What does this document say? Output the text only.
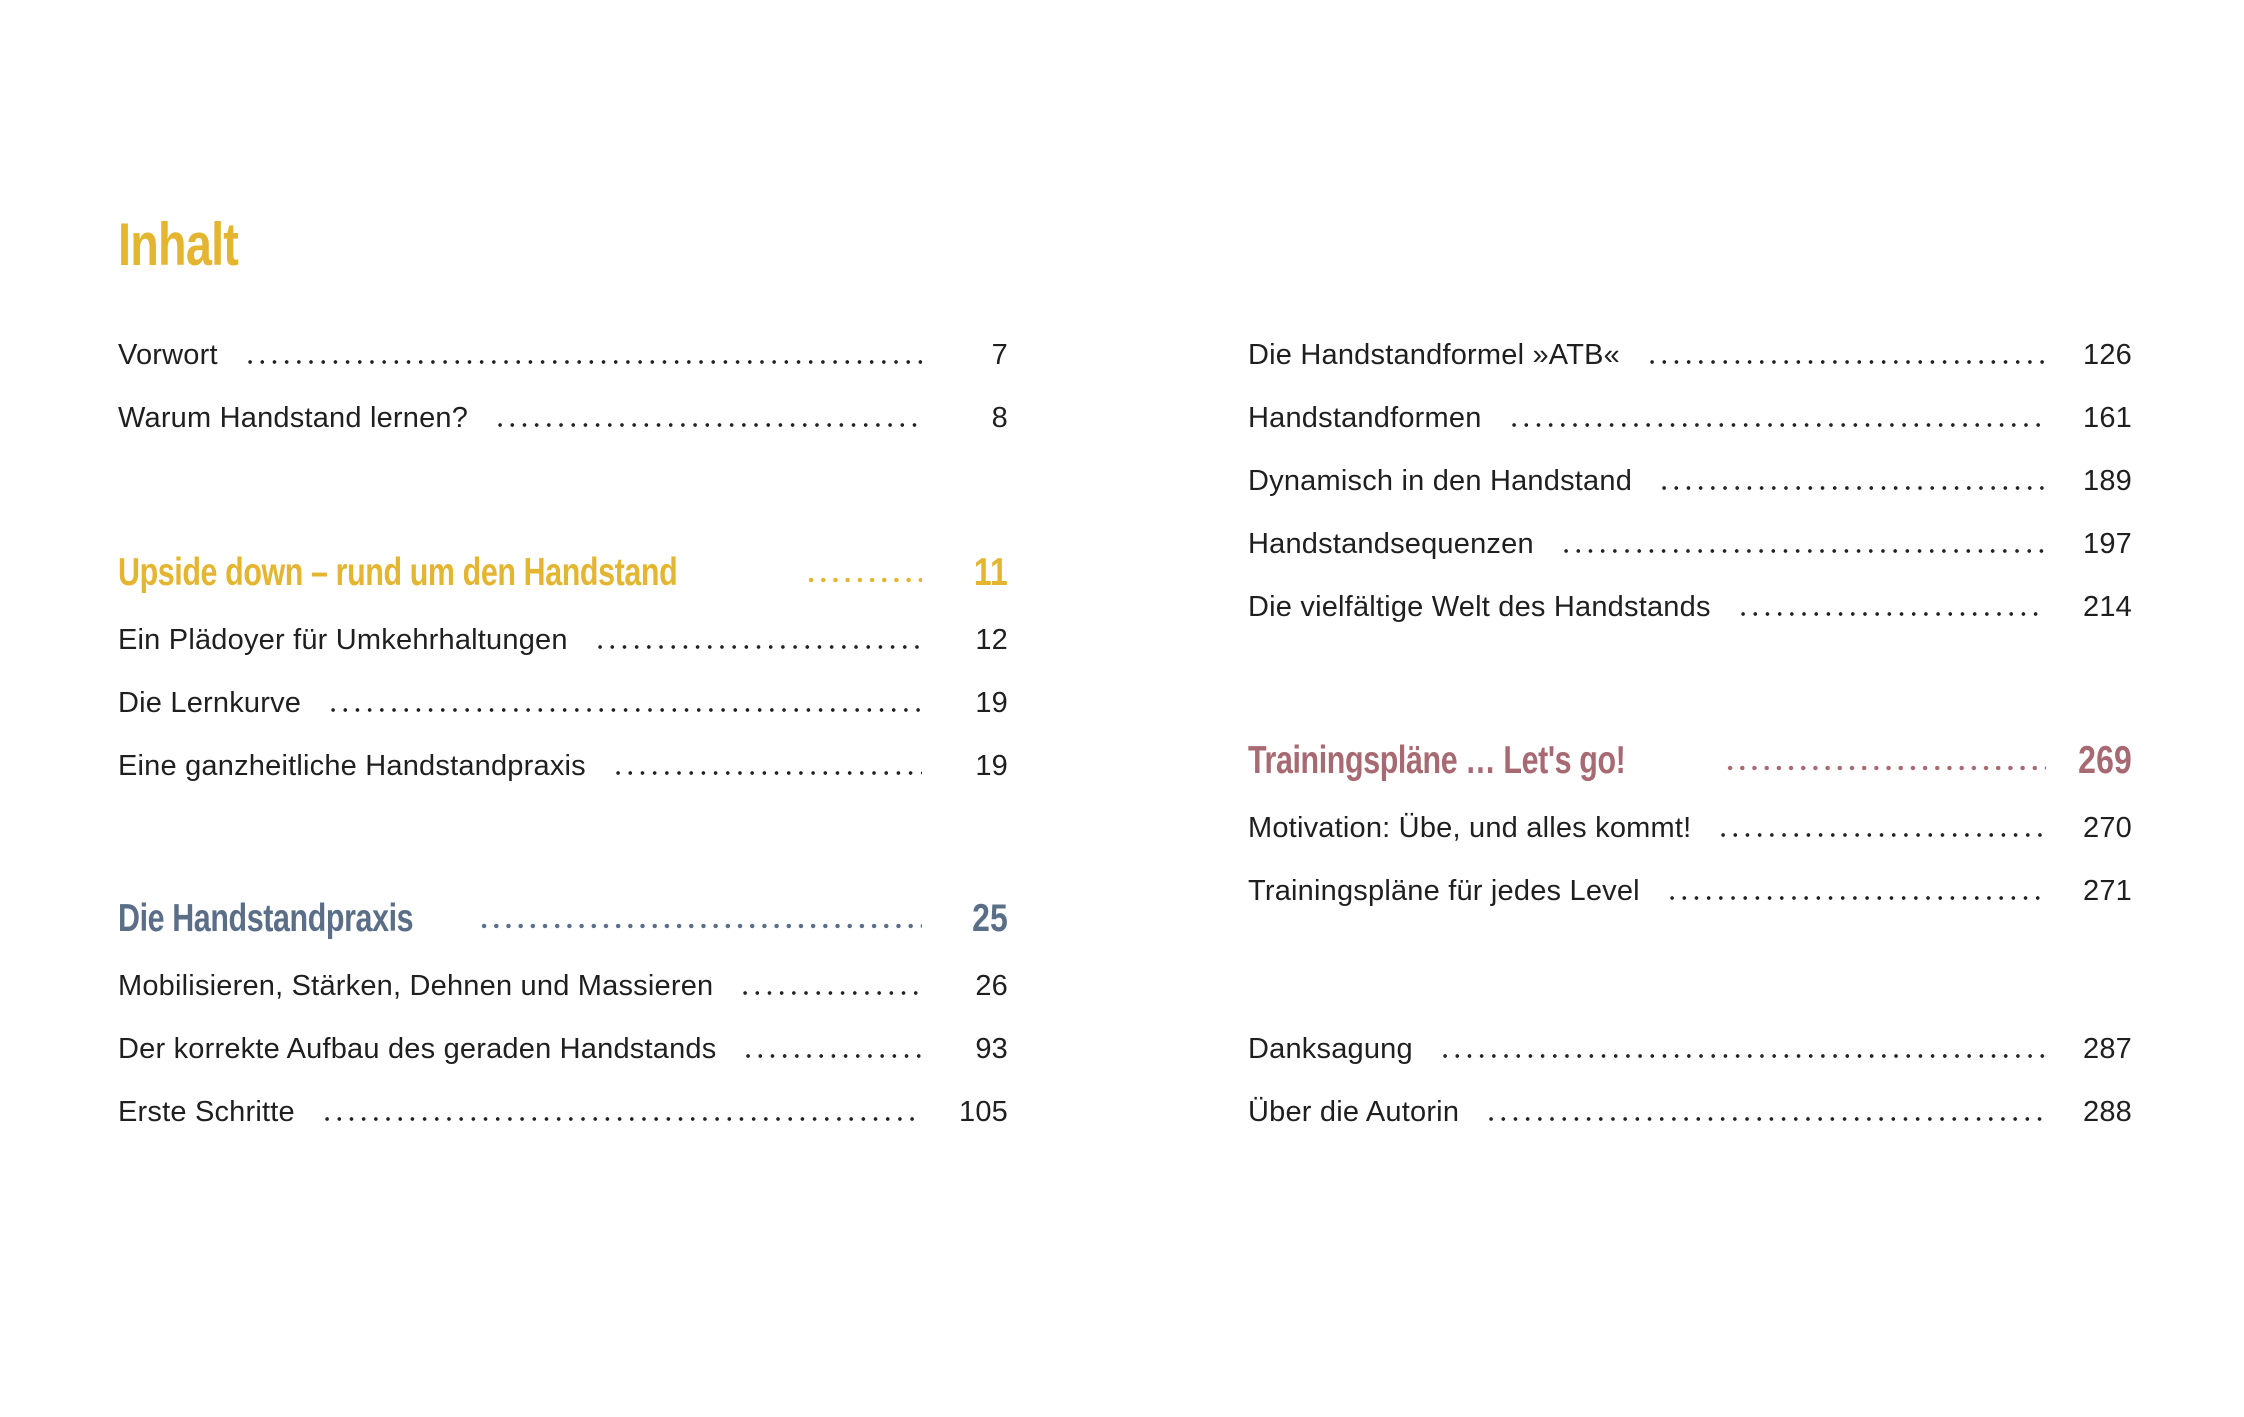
Inhalt
Vorwort	7
Warum Handstand lernen?	8
Upside down – rund um den Handstand	11
Ein Plädoyer für Umkehrhaltungen	12
Die Lernkurve	19
Eine ganzheitliche Handstandpraxis	19
Die Handstandpraxis	25
Mobilisieren, Stärken, Dehnen und Massieren	26
Der korrekte Aufbau des geraden Handstands	93
Erste Schritte	105
Die Handstandformel »ATB«	126
Handstandformen	161
Dynamisch in den Handstand	189
Handstandsequenzen	197
Die vielfältige Welt des Handstands	214
Trainingspläne … Let's go!	269
Motivation: Übe, und alles kommt!	270
Trainingspläne für jedes Level	271
Danksagung	287
Über die Autorin	288
